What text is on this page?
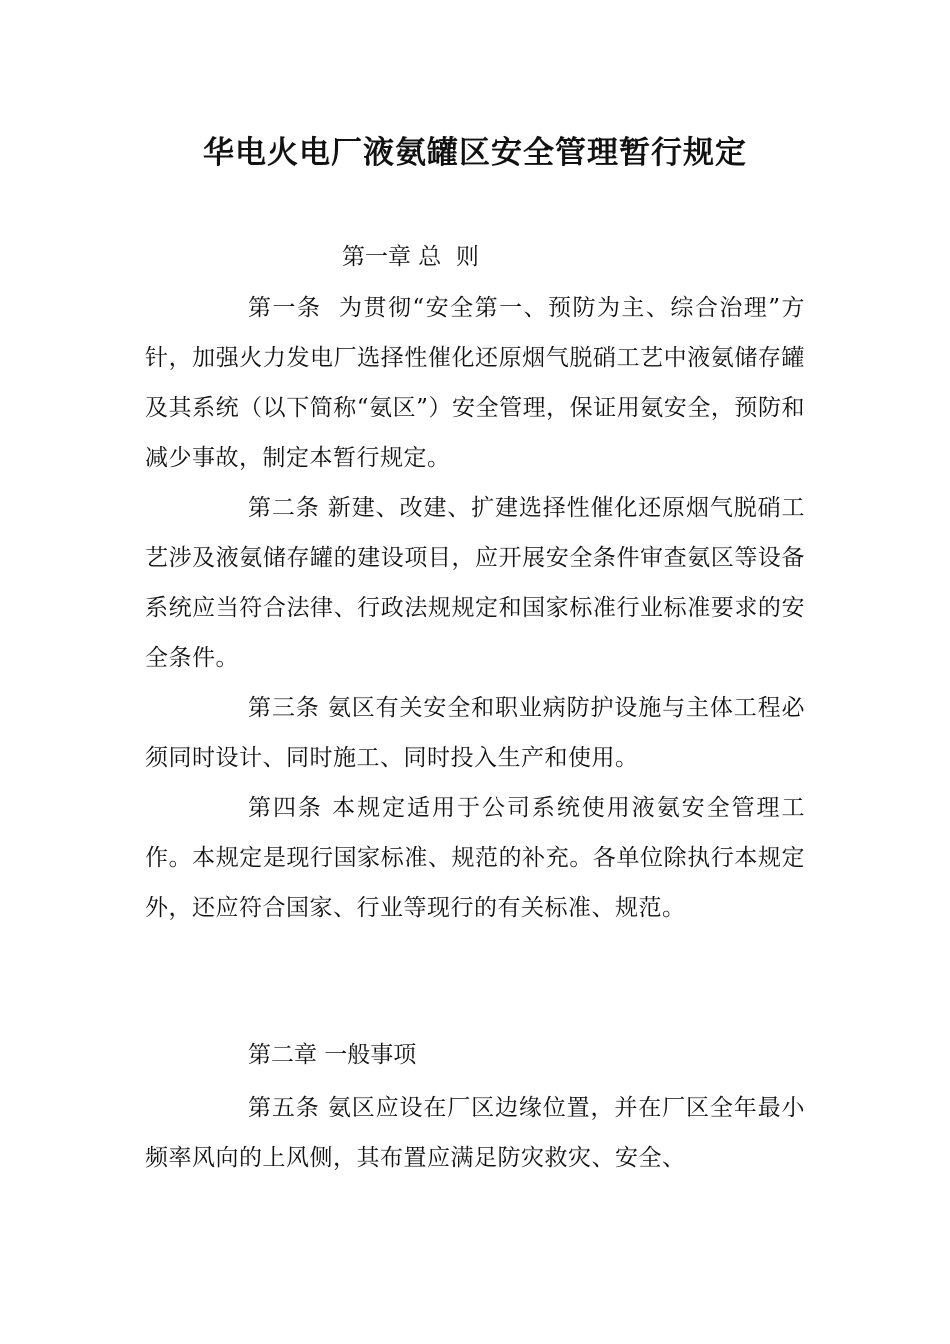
华电火电厂液氨罐区安全管理暂行规定
第一章 总  则

第一条  为贯彻“安全第一、预防为主、综合治理”方针，加强火力发电厂选择性催化还原烟气脱硝工艺中液氨储存罐及其系统（以下简称“氨区”）安全管理，保证用氨安全，预防和减少事故，制定本暂行规定。

第二条 新建、改建、扩建选择性催化还原烟气脱硝工艺涉及液氨储存罐的建设项目，应开展安全条件审查氨区等设备系统应当符合法律、行政法规规定和国家标准行业标准要求的安全条件。

第三条 氨区有关安全和职业病防护设施与主体工程必须同时设计、同时施工、同时投入生产和使用。

第四条 本规定适用于公司系统使用液氨安全管理工作。本规定是现行国家标准、规范的补充。各单位除执行本规定外，还应符合国家、行业等现行的有关标准、规范。

第二章 一般事项

第五条 氨区应设在厂区边缘位置，并在厂区全年最小频率风向的上风侧，其布置应满足防灾救灾、安全、
